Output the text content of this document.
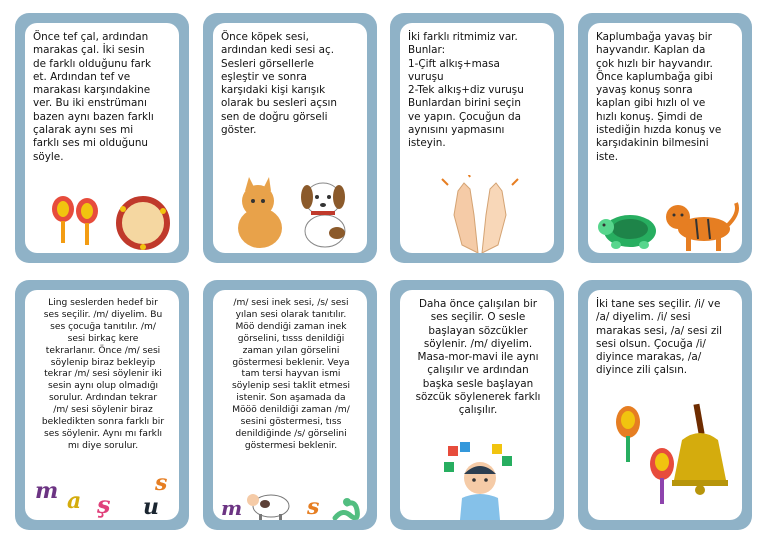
Önce tef çal, ardından
marakas çal. İki sesin
de farklı olduğunu fark
et. Ardından tef ve
marakası karşındakine
ver. Bu iki enstrümanı
bazen aynı bazen farklı
çalarak aynı ses mi
farklı ses mi olduğunu
söyle.
Önce köpek sesi,
ardından kedi sesi aç.
Sesleri görsellerle
eşleştir ve sonra
karşıdaki kişi karışık
olarak bu sesleri açsın
sen de doğru görseli
göster.
İki farklı ritmimiz var.
Bunlar:
1-Çift alkış+masa
vuruşu
2-Tek alkış+diz vuruşu
Bunlardan birini seçin
ve yapın. Çocuğun da
aynısını yapmasını
isteyin.
Kaplumbağa yavaş bir
hayvandır. Kaplan da
çok hızlı bir hayvandır.
Önce kaplumbağa gibi
yavaş konuş sonra
kaplan gibi hızlı ol ve
hızlı konuş. Şimdi de
istediğin hızda konuş ve
karşıdakinin bilmesini
iste.
Ling seslerden hedef bir
ses seçilir. /m/ diyelim. Bu
ses çocuğa tanıtılır. /m/
sesi birkaç kere
tekrarlanır. Önce /m/ sesi
söylenip biraz bekleyip
tekrar /m/ sesi söylenir iki
sesin aynı olup olmadığı
sorulur. Ardından tekrar
/m/ sesi söylenir biraz
bekledikten sonra farklı bir
ses söylenir. Aynı mı farklı
mı diye sorulur.
m a ş
s
u
/m/ sesi inek sesi, /s/ sesi
yılan sesi olarak tanıtılır.
Möö dendiği zaman inek
görselini, tısss denildiği
zaman yılan görselini
göstermesi beklenir. Veya
tam tersi hayvan ismi
söylenip sesi taklit etmesi
istenir. Son aşamada da
Mööö denildiği zaman /m/
sesini göstermesi, tıss
denildiğinde /s/ görselini
göstermesi beklenir.
m	s
Daha önce çalışılan bir
ses seçilir. O sesle
başlayan sözcükler
söylenir. /m/ diyelim.
Masa-mor-mavi ile aynı
çalışılır ve ardından
başka sesle başlayan
sözcük söylenerek farklı
çalışılır.
İki tane ses seçilir. /i/ ve
/a/ diyelim. /i/ sesi
marakas sesi, /a/ sesi zil
sesi olsun. Çocuğa /i/
diyince marakas, /a/
diyince zili çalsın.
